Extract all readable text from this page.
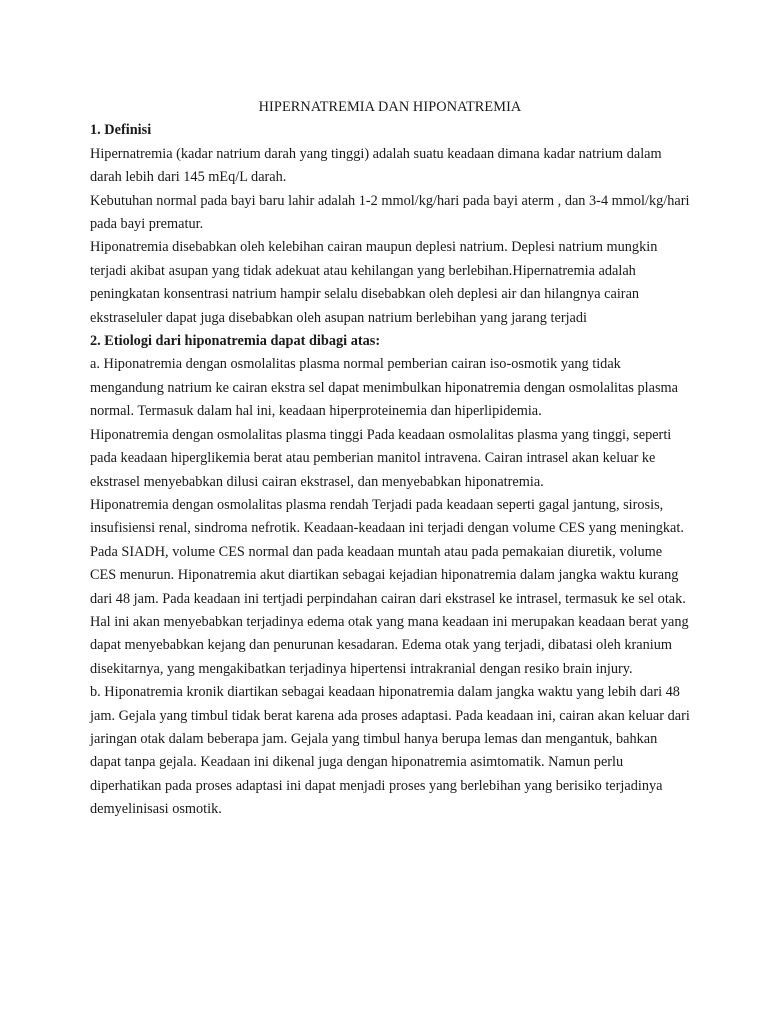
HIPERNATREMIA DAN HIPONATREMIA

1. Definisi

Hipernatremia (kadar natrium darah yang tinggi) adalah suatu keadaan dimana kadar natrium dalam darah lebih dari 145 mEq/L darah.

Kebutuhan normal pada bayi baru lahir adalah 1-2 mmol/kg/hari pada bayi aterm , dan 3-4 mmol/kg/hari pada bayi prematur.

Hiponatremia disebabkan oleh kelebihan cairan maupun deplesi natrium. Deplesi natrium mungkin terjadi akibat asupan yang tidak adekuat atau kehilangan yang berlebihan.Hipernatremia adalah peningkatan konsentrasi natrium hampir selalu disebabkan oleh deplesi air dan hilangnya cairan ekstraseluler dapat juga disebabkan oleh asupan natrium berlebihan yang jarang terjadi

2. Etiologi dari hiponatremia dapat dibagi atas:

a. Hiponatremia dengan osmolalitas plasma normal pemberian cairan iso-osmotik yang tidak mengandung natrium ke cairan ekstra sel dapat menimbulkan hiponatremia dengan osmolalitas plasma normal. Termasuk dalam hal ini, keadaan hiperproteinemia dan hiperlipidemia.

Hiponatremia dengan osmolalitas plasma tinggi Pada keadaan osmolalitas plasma yang tinggi, seperti pada keadaan hiperglikemia berat atau pemberian manitol intravena. Cairan intrasel akan keluar ke ekstrasel menyebabkan dilusi cairan ekstrasel, dan menyebabkan hiponatremia.

Hiponatremia dengan osmolalitas plasma rendah Terjadi pada keadaan seperti gagal jantung, sirosis, insufisiensi renal, sindroma nefrotik. Keadaan-keadaan ini terjadi dengan volume CES yang meningkat. Pada SIADH, volume CES normal dan pada keadaan muntah atau pada pemakaian diuretik, volume CES menurun. Hiponatremia akut diartikan sebagai kejadian hiponatremia dalam jangka waktu kurang dari 48 jam. Pada keadaan ini tertjadi perpindahan cairan dari ekstrasel ke intrasel, termasuk ke sel otak. Hal ini akan menyebabkan terjadinya edema otak yang mana keadaan ini merupakan keadaan berat yang dapat menyebabkan kejang dan penurunan kesadaran. Edema otak yang terjadi, dibatasi oleh kranium disekitarnya, yang mengakibatkan terjadinya hipertensi intrakranial dengan resiko brain injury.

b. Hiponatremia kronik diartikan sebagai keadaan hiponatremia dalam jangka waktu yang lebih dari 48 jam. Gejala yang timbul tidak berat karena ada proses adaptasi. Pada keadaan ini, cairan akan keluar dari jaringan otak dalam beberapa jam. Gejala yang timbul hanya berupa lemas dan mengantuk, bahkan dapat tanpa gejala. Keadaan ini dikenal juga dengan hiponatremia asimtomatik. Namun perlu diperhatikan pada proses adaptasi ini dapat menjadi proses yang berlebihan yang berisiko terjadinya demyelinisasi osmotik.
